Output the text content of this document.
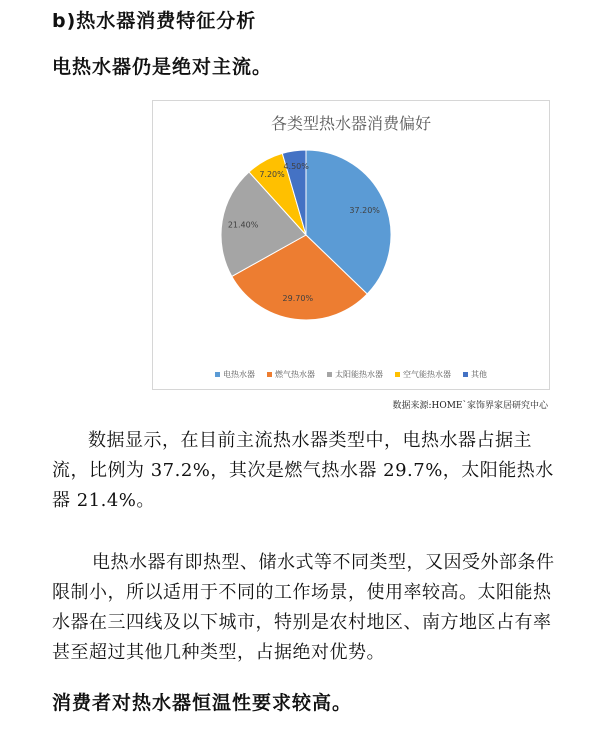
b)热水器消费特征分析
电热水器仍是绝对主流。
各类型热水器消费偏好
37.20%
29.70%
21.40%
7.20%
4.50%
电热水器	燃气热水器	太阳能热水器	空气能热水器	其他
数据来源:HOME`家饰界家居研究中心

数据显示，在目前主流热水器类型中，电热水器占据主流，比例为 37.2%，其次是燃气热水器 29.7%，太阳能热水器 21.4%。

电热水器有即热型、储水式等不同类型，又因受外部条件限制小，所以适用于不同的工作场景，使用率较高。太阳能热水器在三四线及以下城市，特别是农村地区、南方地区占有率甚至超过其他几种类型，占据绝对优势。

消费者对热水器恒温性要求较高。
